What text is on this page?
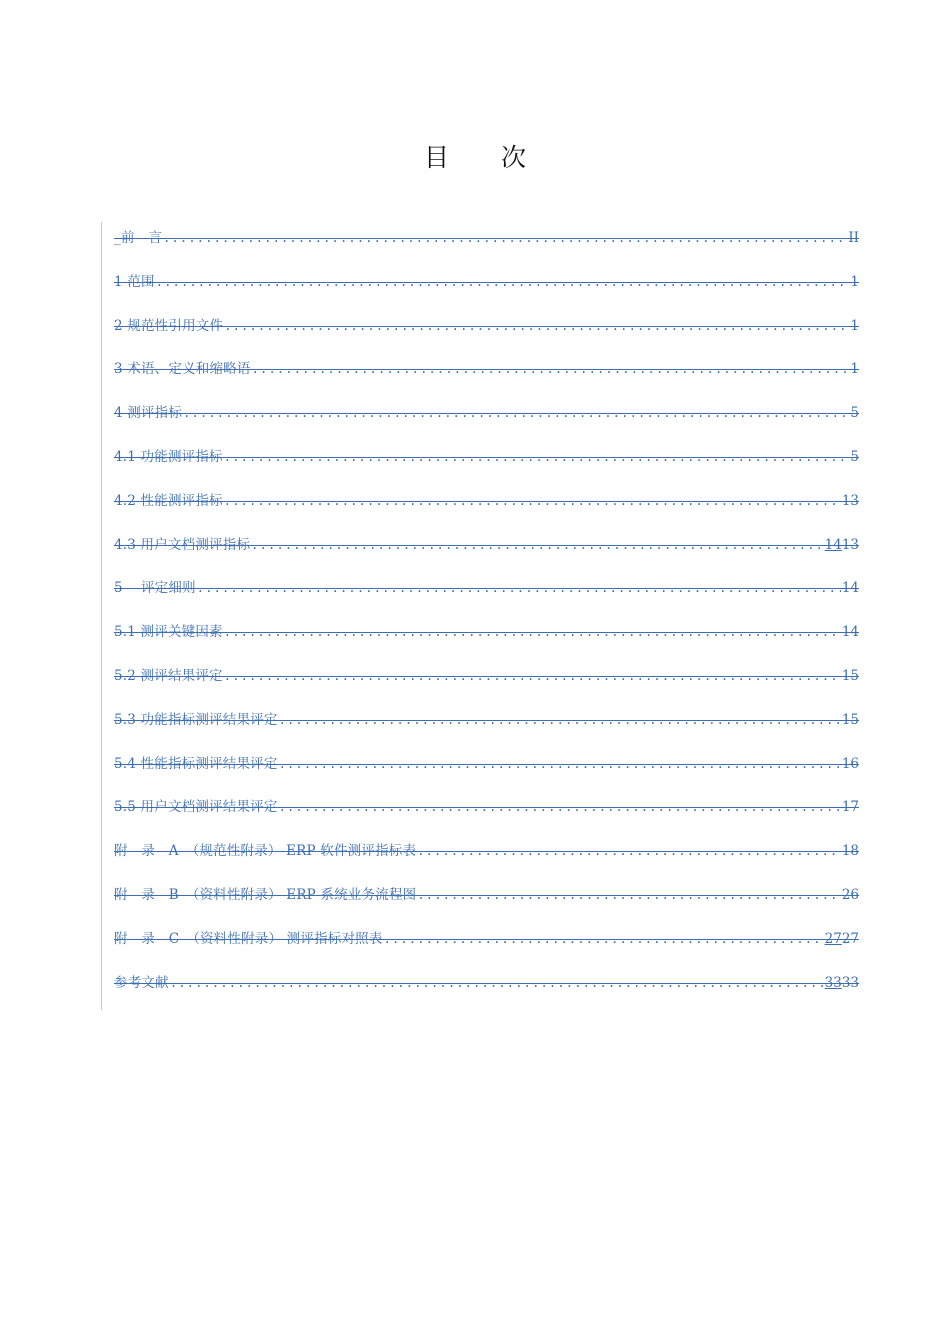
目 次
_前　言 .....	II
1 范围 .....	1
2 规范性引用文件 .....	1
3 术语、定义和缩略语 .....	1
4 测评指标 .....	5
4.1 功能测评指标 .....	5
4.2 性能测评指标 .....	13
4.3 用户文档测评指标 .....	1413
5　 评定细则 .....	14
5.1 测评关键因素 .....	14
5.2 测评结果评定 .....	15
5.3 功能指标测评结果评定 .....	15
5.4 性能指标测评结果评定 .....	16
5.5 用户文档测评结果评定 .....	17
附　录　A　（规范性附录） ERP 软件测评指标表 .....	18
附　录　B　（资料性附录） ERP 系统业务流程图 .....	26
附　录　C　（资料性附录） 测评指标对照表 .....	2727
参考文献 .....	3333
